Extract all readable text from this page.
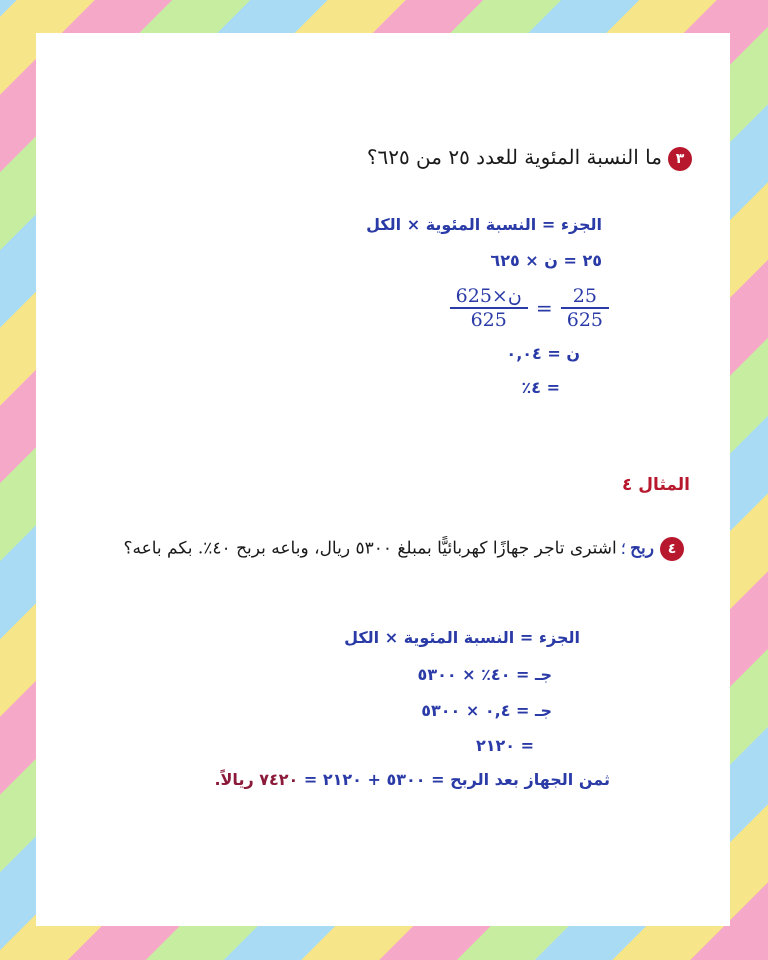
٣ما النسبة المئوية للعدد ٢٥ من ٦٢٥؟
الجزء = النسبة المئوية × الكل
٢٥ = ن × ٦٢٥
$\frac{\text{ن×625}}{625} = \frac{25}{625}$
ن = ٠,٠٤
= ٤٪
المثال ٤
٤ربح؛اشترى تاجر جهازًا كهربائيًّا بمبلغ ٥٣٠٠ ريال، وباعه بربح ٤٠٪. بكم باعه؟
الجزء = النسبة المئوية × الكل
جـ = ٤٠٪ × ٥٣٠٠
جـ = ٠,٤ × ٥٣٠٠
= ٢١٢٠
ثمن الجهاز بعد الربح = ٥٣٠٠ + ٢١٢٠ = ٧٤٢٠ ريالاً.
